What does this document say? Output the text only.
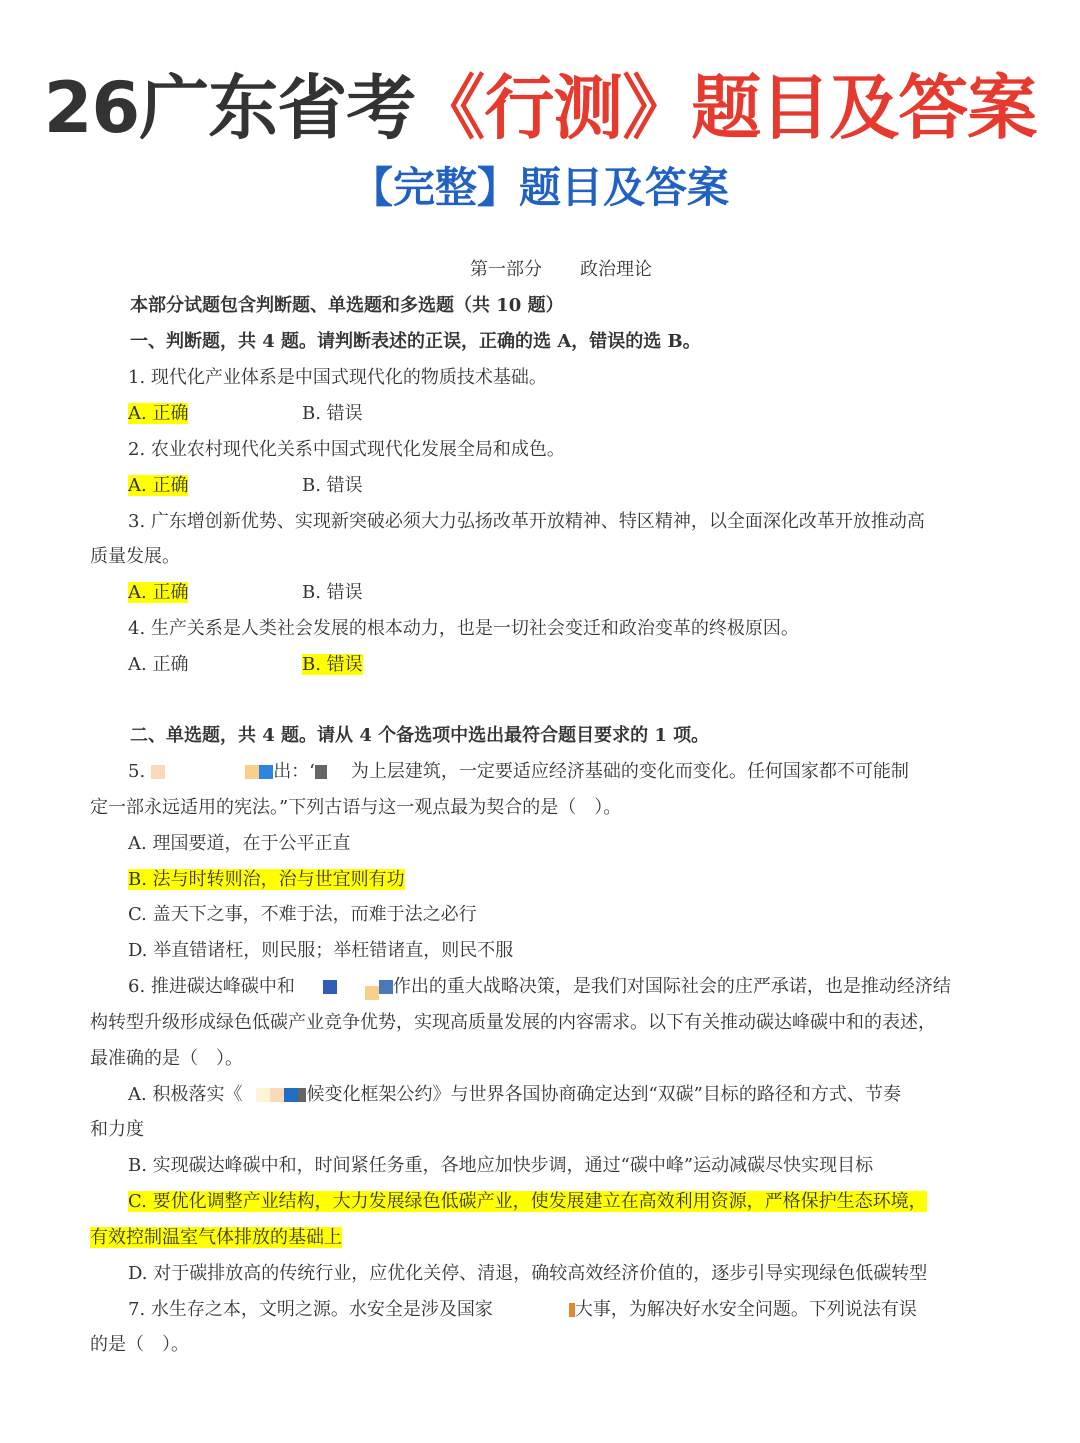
26广东省考《行测》题目及答案
【完整】题目及答案
第一部分 政治理论
本部分试题包含判断题、单选题和多选题（共 10 题）
一、判断题，共 4 题。请判断表述的正误，正确的选 A，错误的选 B。
1. 现代化产业体系是中国式现代化的物质技术基础。
A. 正确	B. 错误
2. 农业农村现代化关系中国式现代化发展全局和成色。
A. 正确	B. 错误
3. 广东增创新优势、实现新突破必须大力弘扬改革开放精神、特区精神，以全面深化改革开放推动高
质量发展。
A. 正确	B. 错误
4. 生产关系是人类社会发展的根本动力，也是一切社会变迁和政治变革的终极原因。
A. 正确	B. 错误
二、单选题，共 4 题。请从 4 个备选项中选出最符合题目要求的 1 项。
5.	出：‘ 为上层建筑，一定要适应经济基础的变化而变化。任何国家都不可能制
定一部永远适用的宪法。”下列古语与这一观点最为契合的是（　）。
A. 理国要道，在于公平正直
B. 法与时转则治，治与世宜则有功
C. 盖天下之事，不难于法，而难于法之必行
D. 举直错诸枉，则民服；举枉错诸直，则民不服
6. 推进碳达峰碳中和	作出的重大战略决策，是我们对国际社会的庄严承诺，也是推动经济结
构转型升级形成绿色低碳产业竞争优势，实现高质量发展的内容需求。以下有关推动碳达峰碳中和的表述，
最准确的是（　）。
A. 积极落实《	候变化框架公约》与世界各国协商确定达到“双碳”目标的路径和方式、节奏
和力度
B. 实现碳达峰碳中和，时间紧任务重，各地应加快步调，通过“碳中峰”运动减碳尽快实现目标
C. 要优化调整产业结构，大力发展绿色低碳产业，使发展建立在高效利用资源，严格保护生态环境，
有效控制温室气体排放的基础上
D. 对于碳排放高的传统行业，应优化关停、清退，确较高效经济价值的，逐步引导实现绿色低碳转型
7. 水生存之本，文明之源。水安全是涉及国家	大事，为解决好水安全问题。下列说法有误
的是（　）。
